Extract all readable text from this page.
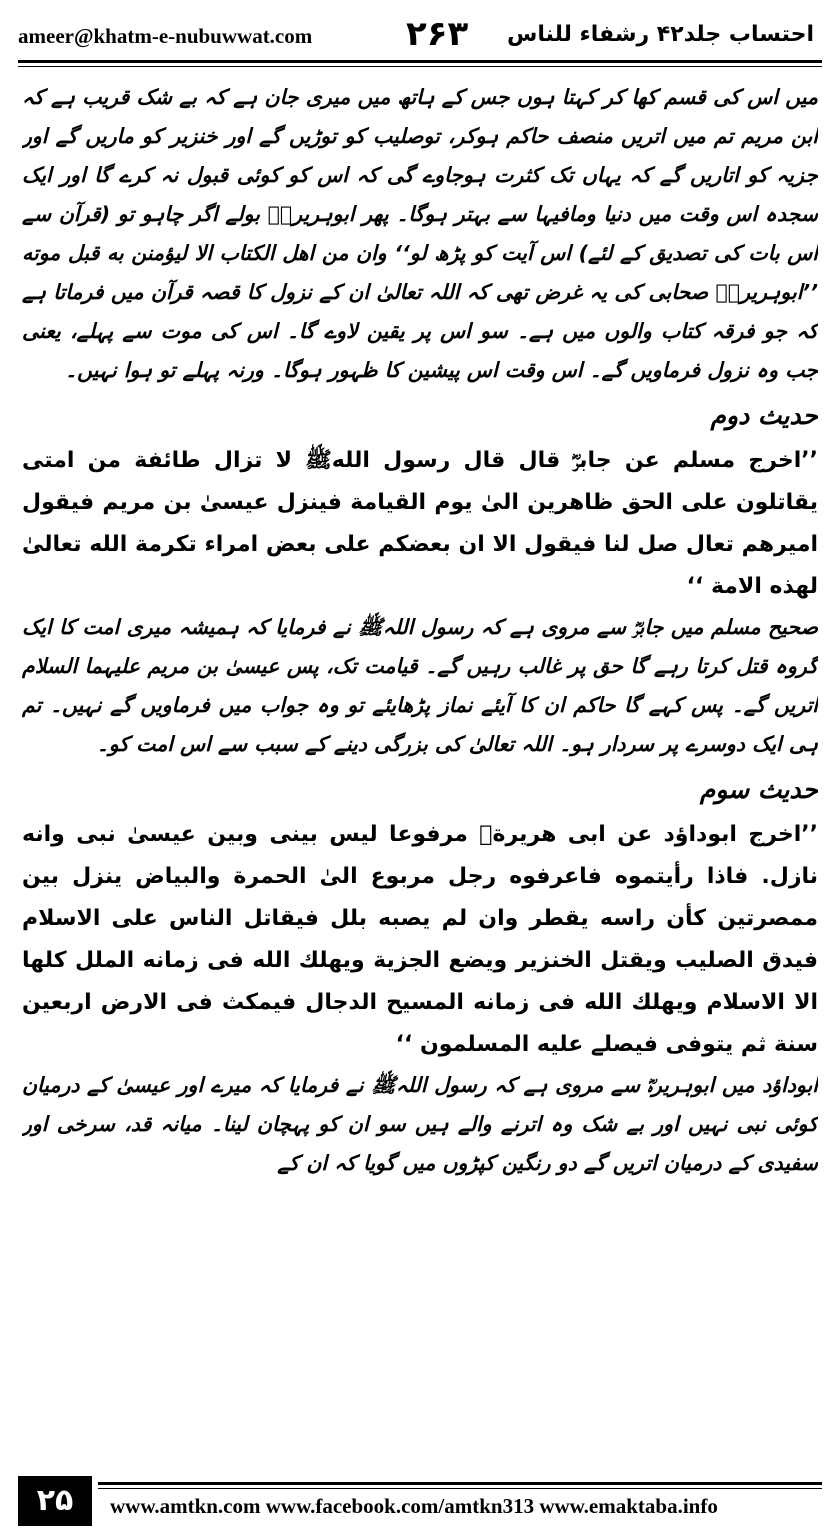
ameer@khatm-e-nubuwwat.com	۲۶۳ احتساب جلد۴۲ رشفاء للناس

میں اس کی قسم کھا کر کہتا ہوں جس کے ہاتھ میں میری جان ہے کہ بے شک قریب ہے کہ ابن مریم تم میں اتریں منصف حاکم ہوکر، توصلیب کو توڑیں گے اور خنزیر کو ماریں گے اور جزیہ کو اتاریں گے کہ یہاں تک کثرت ہوجاوے گی کہ اس کو کوئی قبول نہ کرے گا اور ایک سجدہ اس وقت میں دنیا ومافیہا سے بہتر ہوگا۔ پھر ابوہریرہؓ بولے اگر چاہو تو (قرآن سے اس بات کی تصدیق کے لئے) اس آیت کو پڑھ لو‘‘ وان من اهل الكتاب الا ليؤمنن به قبل موته ’’ابوہریرہؓ صحابی کی یہ غرض تھی کہ اللہ تعالیٰ ان کے نزول کا قصہ قرآن میں فرماتا ہے کہ جو فرقہ کتاب والوں میں ہے۔ سو اس پر یقین لاوے گا۔ اس کی موت سے پہلے، یعنی جب وہ نزول فرماویں گے۔ اس وقت اس پیشین کا ظہور ہوگا۔ ورنہ پہلے تو ہوا نہیں۔

حدیث دوم

’’اخرج مسلم عن جابرؓ قال قال رسول اللهﷺ لا تزال طائفة من امتى يقاتلون على الحق ظاهرين الىٰ يوم القيامة فينزل عيسىٰ بن مريم فيقول اميرهم تعال صل لنا فيقول الا ان بعضكم على بعض امراء تكرمة الله تعالىٰ لهذه الامة ‘‘

صحیح مسلم میں جابرؓ سے مروی ہے کہ رسول اللہﷺ نے فرمایا کہ ہمیشہ میری امت کا ایک گروہ قتل کرتا رہے گا حق پر غالب رہیں گے۔ قیامت تک، پس عیسیٰ بن مریم علیہما السلام اتریں گے۔ پس کہے گا حاکم ان کا آیئے نماز پڑھایئے تو وہ جواب میں فرماویں گے نہیں۔ تم ہی ایک دوسرے پر سردار ہو۔ اللہ تعالیٰ کی بزرگی دینے کے سبب سے اس امت کو۔

حدیث سوم

’’اخرج ابوداؤد عن ابى هريرةؓ مرفوعا ليس بينى وبين عيسىٰ نبى وانه نازل. فاذا رأيتموه فاعرفوه رجل مربوع الىٰ الحمرة والبياض ينزل بين ممصرتين كأن راسه يقطر وان لم يصبه بلل فيقاتل الناس على الاسلام فيدق الصليب ويقتل الخنزير ويضع الجزية ويهلك الله فى زمانه الملل كلها الا الاسلام ويهلك الله فى زمانه المسيح الدجال فيمكث فى الارض اربعين سنة ثم يتوفى فيصلے عليه المسلمون ‘‘

ابوداؤد میں ابوہریرہؓ سے مروی ہے کہ رسول اللہﷺ نے فرمایا کہ میرے اور عیسیٰ کے درمیان کوئی نبی نہیں اور بے شک وہ اترنے والے ہیں سو ان کو پہچان لینا۔ میانہ قد، سرخی اور سفیدی کے درمیان اتریں گے دو رنگین کپڑوں میں گویا کہ ان کے

۲۵	www.amtkn.com www.facebook.com/amtkn313 www.emaktaba.info
